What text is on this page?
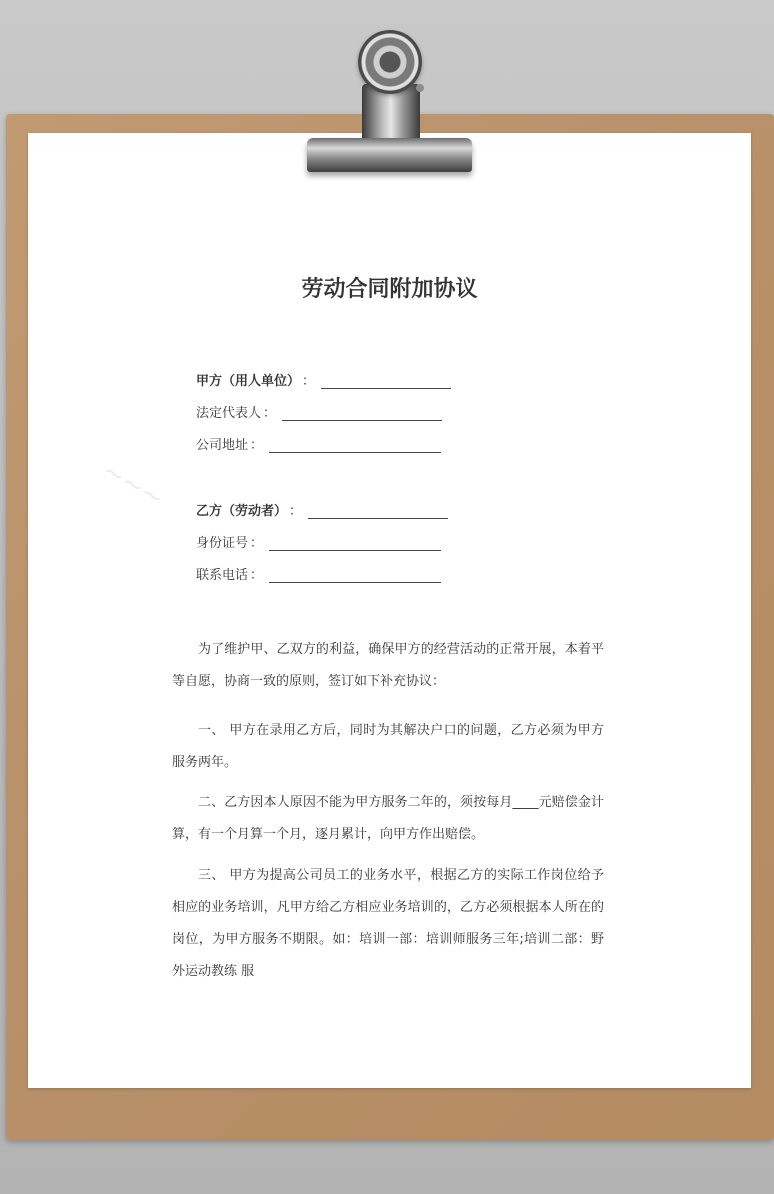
~~~
劳动合同附加协议
甲方（用人单位） ：
法定代表人 ：
公司地址 ：
乙方（劳动者） ：
身份证号 ：
联系电话 ：
为了维护甲、乙双方的利益，确保甲方的经营活动的正常开展，本着平等自愿，协商一致的原则，签订如下补充协议：
一、 甲方在录用乙方后，同时为其解决户口的问题，乙方必须为甲方服务两年。
二、乙方因本人原因不能为甲方服务二年的，须按每月____元赔偿金计算，有一个月算一个月，逐月累计，向甲方作出赔偿。
三、 甲方为提高公司员工的业务水平，根据乙方的实际工作岗位给予相应的业务培训，凡甲方给乙方相应业务培训的，乙方必须根据本人所在的岗位，为甲方服务不期限。如：培训一部：培训师服务三年;培训二部：野外运动教练 服
